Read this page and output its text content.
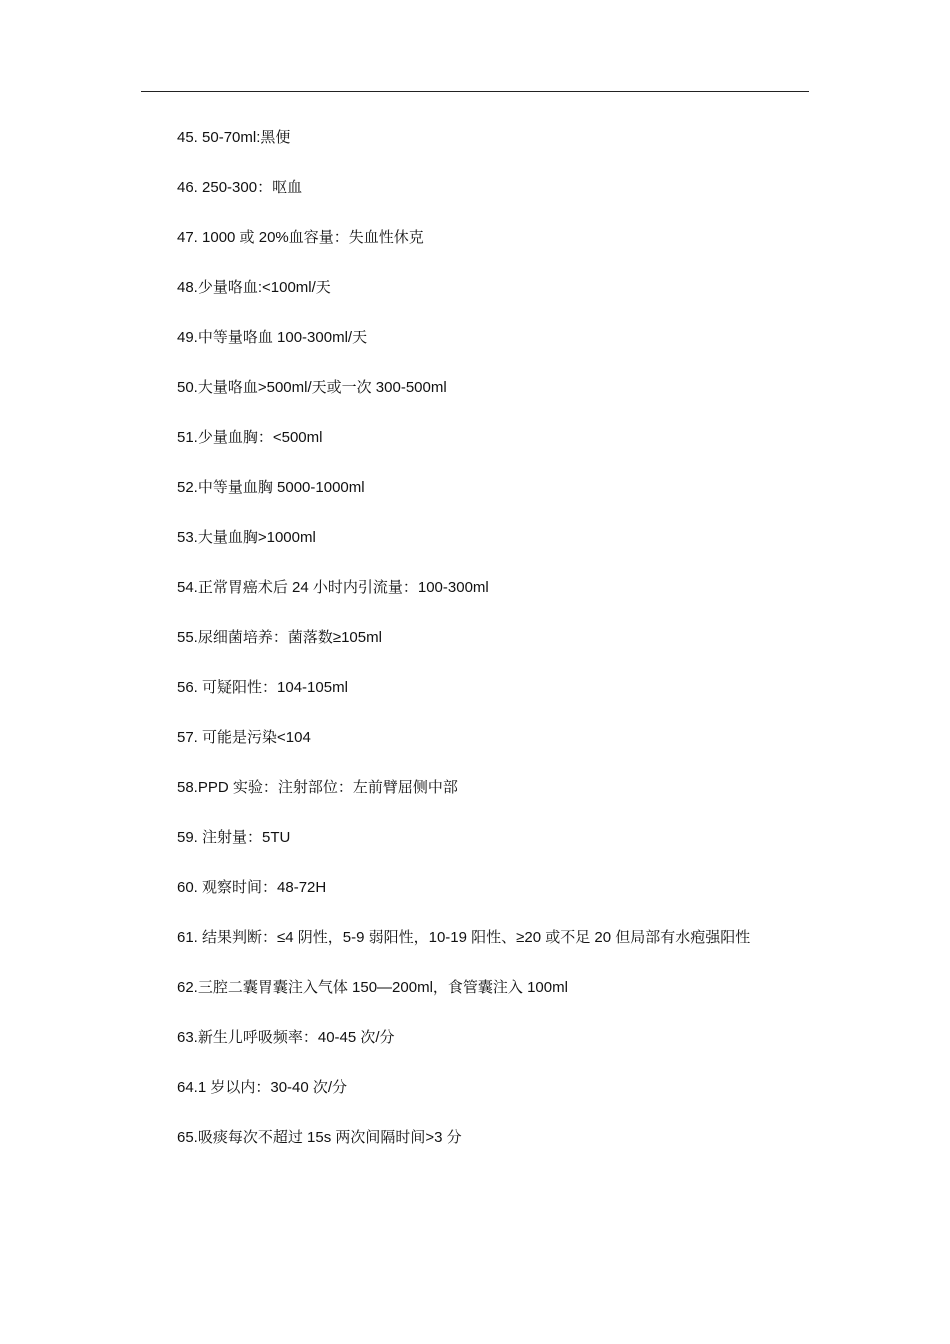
45. 50-70ml:黑便

46. 250-300：呕血

47. 1000 或 20%血容量：失血性休克

48.少量咯血:<100ml/天

49.中等量咯血 100-300ml/天

50.大量咯血>500ml/天或一次 300-500ml

51.少量血胸：<500ml

52.中等量血胸 5000-1000ml

53.大量血胸>1000ml

54.正常胃癌术后 24 小时内引流量：100-300ml

55.尿细菌培养：菌落数≥105ml

56. 可疑阳性：104-105ml

57. 可能是污染<104

58.PPD 实验：注射部位：左前臂屈侧中部

59. 注射量：5TU

60. 观察时间：48-72H

61. 结果判断：≤4 阴性，5-9 弱阳性，10-19 阳性、≥20 或不足 20 但局部有水疱强阳性

62.三腔二囊胃囊注入气体 150—200ml，食管囊注入 100ml

63.新生儿呼吸频率：40-45 次/分

64.1 岁以内：30-40 次/分

65.吸痰每次不超过 15s 两次间隔时间>3 分
